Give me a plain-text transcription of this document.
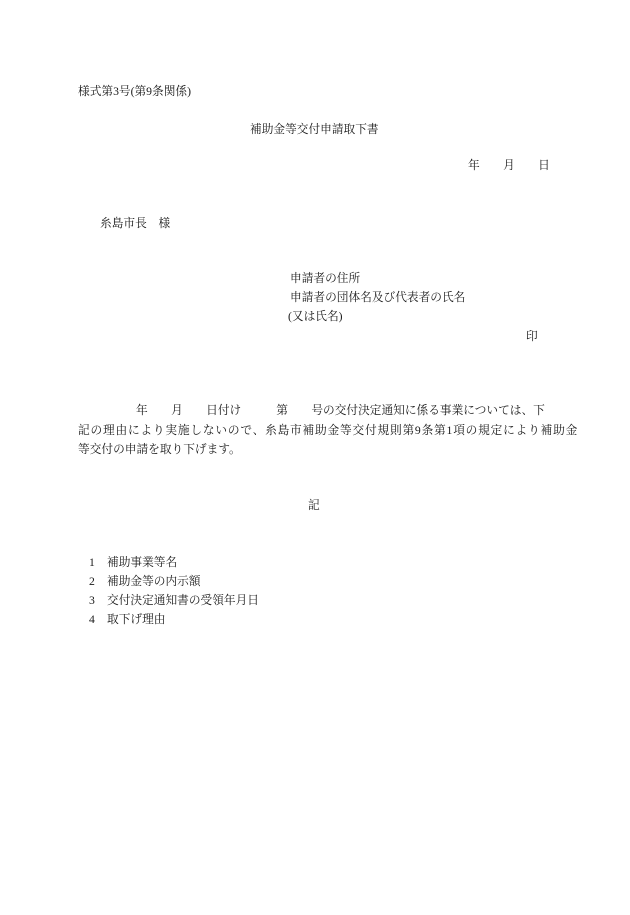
様式第3号(第9条関係)
補助金等交付申請取下書
年　　月　　日
糸島市長　様
申請者の住所
申請者の団体名及び代表者の氏名
(又は氏名)
印
年　　月　　日付け　　　第　　号の交付決定通知に係る事業については、下
記の理由により実施しないので、糸島市補助金等交付規則第9条第1項の規定により補助金
等交付の申請を取り下げます。
記
1 補助事業等名
2 補助金等の内示額
3 交付決定通知書の受領年月日
4 取下げ理由
